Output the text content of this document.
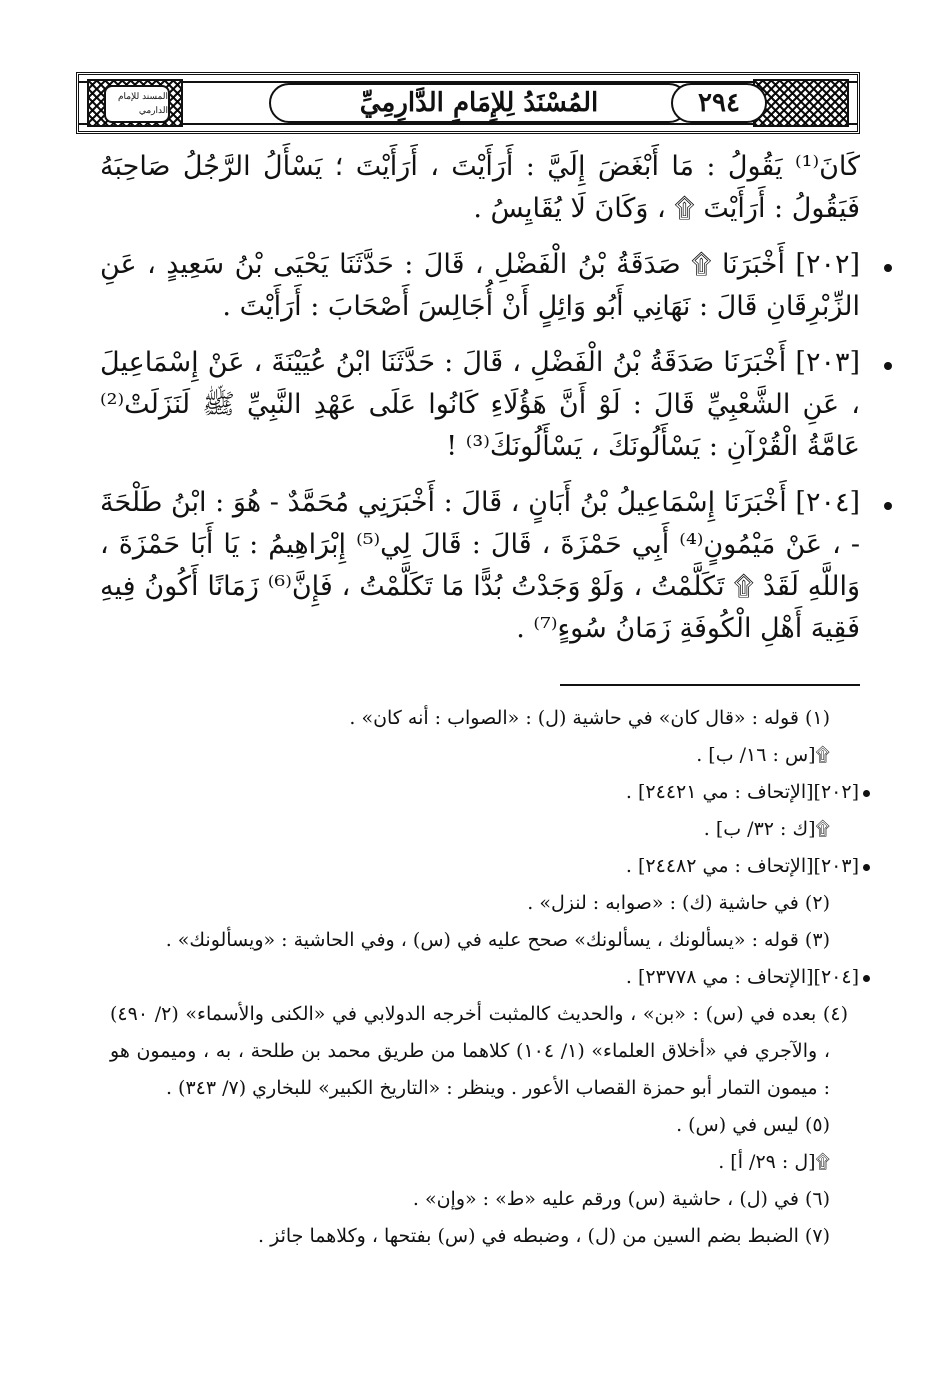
المسند للإمام الدارمي	المُسْنَدُ لِلإِمَامِ الدَّارِمِيِّ	٢٩٤

كَانَ⁽¹⁾ يَقُولُ : مَا أَبْغَضَ إِلَيَّ : أَرَأَيْتَ ، أَرَأَيْتَ ؛ يَسْأَلُ الرَّجُلُ صَاحِبَهُ فَيَقُولُ : أَرَأَيْتَ ۩ ، وَكَانَ لَا يُقَايِسُ .

[٢٠٢] أَخْبَرَنَا ۩ صَدَقَةُ بْنُ الْفَضْلِ ، قَالَ : حَدَّثَنَا يَحْيَى بْنُ سَعِيدٍ ، عَنِ الزِّبْرِقَانِ قَالَ : نَهَانِي أَبُو وَائِلٍ أَنْ أُجَالِسَ أَصْحَابَ : أَرَأَيْتَ .

[٢٠٣] أَخْبَرَنَا صَدَقَةُ بْنُ الْفَضْلِ ، قَالَ : حَدَّثَنَا ابْنُ عُيَيْنَةَ ، عَنْ إِسْمَاعِيلَ ، عَنِ الشَّعْبِيِّ قَالَ : لَوْ أَنَّ هَؤُلَاءِ كَانُوا عَلَى عَهْدِ النَّبِيِّ ﷺ لَنَزَلَتْ⁽²⁾ عَامَّةُ الْقُرْآنِ : يَسْأَلُونَكَ ، يَسْأَلُونَكَ⁽³⁾ !

[٢٠٤] أَخْبَرَنَا إِسْمَاعِيلُ بْنُ أَبَانٍ ، قَالَ : أَخْبَرَنِي مُحَمَّدٌ - هُوَ : ابْنُ طَلْحَةَ - ، عَنْ مَيْمُونٍ⁽⁴⁾ أَبِي حَمْزَةَ ، قَالَ : قَالَ لِي⁽⁵⁾ إِبْرَاهِيمُ : يَا أَبَا حَمْزَةَ ، وَاللَّهِ لَقَدْ ۩ تَكَلَّمْتُ ، وَلَوْ وَجَدْتُ بُدًّا مَا تَكَلَّمْتُ ، فَإِنَّ⁽⁶⁾ زَمَانًا أَكُونُ فِيهِ فَقِيهَ أَهْلِ الْكُوفَةِ زَمَانُ سُوءٍ⁽⁷⁾ .

(١) قوله : «قال كان» في حاشية (ل) : «الصواب : أنه كان» .

۩[س : ١٦/ ب] .

[٢٠٢][الإتحاف : مي ٢٤٤٢١] .

۩[ك : ٣٢/ ب] .

[٢٠٣][الإتحاف : مي ٢٤٤٨٢] .

(٢) في حاشية (ك) : «صوابه : لنزل» .

(٣) قوله : «يسألونك ، يسألونك» صحح عليه في (س) ، وفي الحاشية : «ويسألونك» .

[٢٠٤][الإتحاف : مي ٢٣٧٧٨] .

(٤) بعده في (س) : «بن» ، والحديث كالمثبت أخرجه الدولابي في «الكنى والأسماء» (٢/ ٤٩٠) ، والآجري في «أخلاق العلماء» (١/ ١٠٤) كلاهما من طريق محمد بن طلحة ، به ، وميمون هو : ميمون التمار أبو حمزة القصاب الأعور . وينظر : «التاريخ الكبير» للبخاري (٧/ ٣٤٣) .

(٥) ليس في (س) .

۩[ل : ٢٩/ أ] .

(٦) في (ل) ، حاشية (س) ورقم عليه «ط» : «وإن» .

(٧) الضبط بضم السين من (ل) ، وضبطه في (س) بفتحها ، وكلاهما جائز .
